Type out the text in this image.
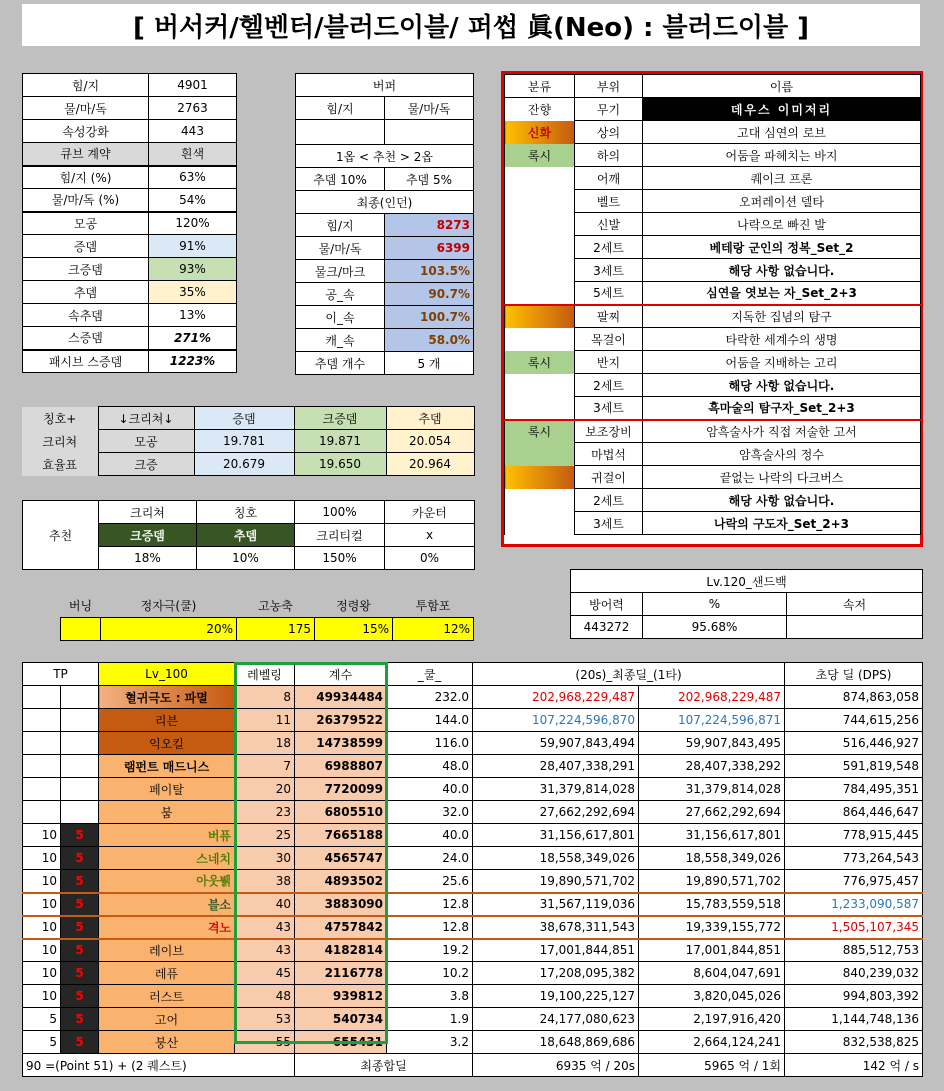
[ 버서커/헬벤터/블러드이블/ 퍼썹 眞(Neo) : 블러드이블 ]
힘/지	4901
물/마/독	2763
속성강화	443
큐브 계약	흰색
힘/지 (%)	63%
물/마/독 (%)	54%
모공	120%
증뎀	91%
크증뎀	93%
추뎀	35%
속추뎀	13%
스증뎀	271%
패시브 스증뎀	1223%
버퍼	
힘/지	물/마/독

1옵 < 추천 > 2옵	
추뎀 10%	추뎀 5%
최종(인던)	
힘/지	8273
물/마/독	6399
물크/마크	103.5%
공_속	90.7%
이_속	100.7%
캐_속	58.0%
추뎀 개수	5 개
분류	부위	이름
잔향	무기	데우스 이미저리
신화	상의	고대 심연의 로브
록시	하의	어둠을 파헤치는 바지
	어깨	퀘이크 프론
	벨트	오퍼레이션 델타
	신발	나락으로 빠진 발
	2세트	베테랑 군인의 정복_Set_2
	3세트	해당 사항 없습니다.
	5세트	심연을 엿보는 자_Set_2+3
	팔찌	지독한 집념의 탐구
	목걸이	타락한 세계수의 생명
록시	반지	어둠을 지배하는 고리
	2세트	해당 사항 없습니다.
	3세트	흑마술의 탐구자_Set_2+3
록시	보조장비	암흑술사가 직접 저술한 고서
	마법석	암흑술사의 정수
	귀걸이	끝없는 나락의 다크버스
	2세트	해당 사항 없습니다.
	3세트	나락의 구도자_Set_2+3
칭호+	↓크리쳐↓	증뎀	크증뎀	추뎀
크리쳐	모공	19.781	19.871	20.054
효율표	크증	20.679	19.650	20.964
추천	크리쳐	칭호	100%	카운터
	크증뎀	추뎀	크리티컬	x
	18%	10%	150%	0%
버닝	정자극(쿨)	고농축	정령왕	투함포
	20%	175	15%	12%
Lv.120_샌드백		
방어력	%	속저
443272	95.68%	
TP		Lv_100	레벨링	계수	_쿨_	(20s)_최종딜_(1타)		초당 딜 (DPS)
		혈귀극도 : 파멸	8	49934484	232.0	202,968,229,487	202,968,229,487	874,863,058
		리븐	11	26379522	144.0	107,224,596,870	107,224,596,871	744,615,256
		익오킬	18	14738599	116.0	59,907,843,494	59,907,843,495	516,446,927
		램펀트 매드니스	7	6988807	48.0	28,407,338,291	28,407,338,292	591,819,548
		페이탈	20	7720099	40.0	31,379,814,028	31,379,814,028	784,495,351
		붐	23	6805510	32.0	27,662,292,694	27,662,292,694	864,446,647
10	5	버퓨	25	7665188	40.0	31,156,617,801	31,156,617,801	778,915,445
10	5	스네치	30	4565747	24.0	18,558,349,026	18,558,349,026	773,264,543
10	5	아웃뷁	38	4893502	25.6	19,890,571,702	19,890,571,702	776,975,457
10	5	블소	40	3883090	12.8	31,567,119,036	15,783,559,518	1,233,090,587
10	5	격노	43	4757842	12.8	38,678,311,543	19,339,155,772	1,505,107,345
10	5	레이브	43	4182814	19.2	17,001,844,851	17,001,844,851	885,512,753
10	5	레퓨	45	2116778	10.2	17,208,095,382	8,604,047,691	840,239,032
10	5	러스트	48	939812	3.8	19,100,225,127	3,820,045,026	994,803,392
5	5	고어	53	540734	1.9	24,177,080,623	2,197,916,420	1,144,748,136
5	5	붕산	55	655431	3.2	18,648,869,686	2,664,124,241	832,538,825
90 =(Point 51) + (2 퀘스트)				최종합딜		6935 억 / 20s	5965 억 / 1회	142 억 / s
